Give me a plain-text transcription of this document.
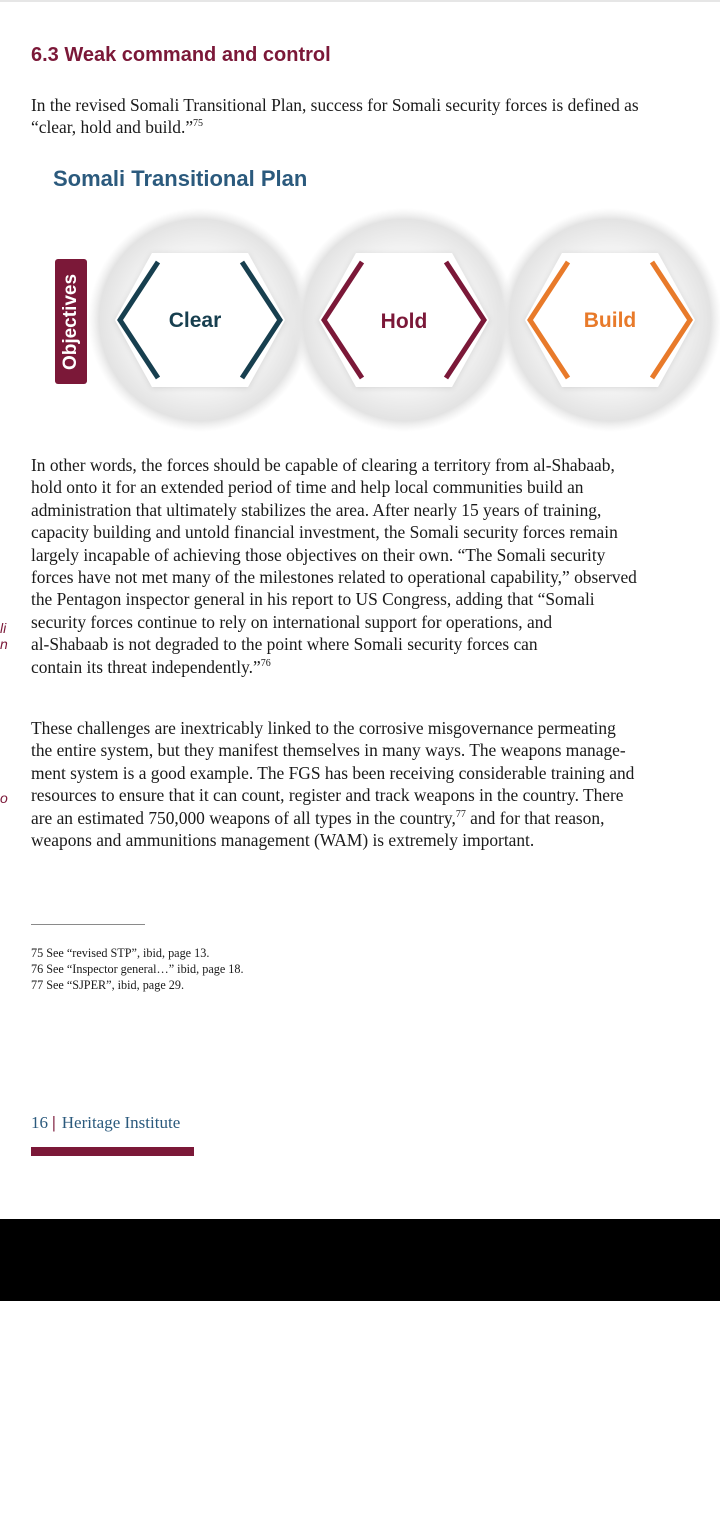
6.3 Weak command and control

In the revised Somali Transitional Plan, success for Somali security forces is defined as
“clear, hold and build.”$^{75}$

Somali Transitional Plan
Objectives	Clear	Hold	Build

In other words, the forces should be capable of clearing a territory from al-Shabaab,
hold onto it for an extended period of time and help local communities build an
administration that ultimately stabilizes the area. After nearly 15 years of training,
capacity building and untold financial investment, the Somali security forces remain
largely incapable of achieving those objectives on their own. “The Somali security
forces have not met many of the milestones related to operational capability,” observed
the Pentagon inspector general in his report to US Congress, adding that “Somali
security forces continue to rely on international support for operations, and
al-Shabaab is not degraded to the point where Somali security forces can
contain its threat independently.”$^{76}$

li
n

These challenges are inextricably linked to the corrosive misgovernance permeating
the entire system, but they manifest themselves in many ways. The weapons manage-
ment system is a good example. The FGS has been receiving considerable training and
resources to ensure that it can count, register and track weapons in the country. There
are an estimated 750,000 weapons of all types in the country,$^{77}$ and for that reason,
weapons and ammunitions management (WAM) is extremely important.

o
75 See “revised STP”, ibid, page 13.
76 See “Inspector general…” ibid, page 18.
77 See “SJPER”, ibid, page 29.
16 | Heritage Institute
